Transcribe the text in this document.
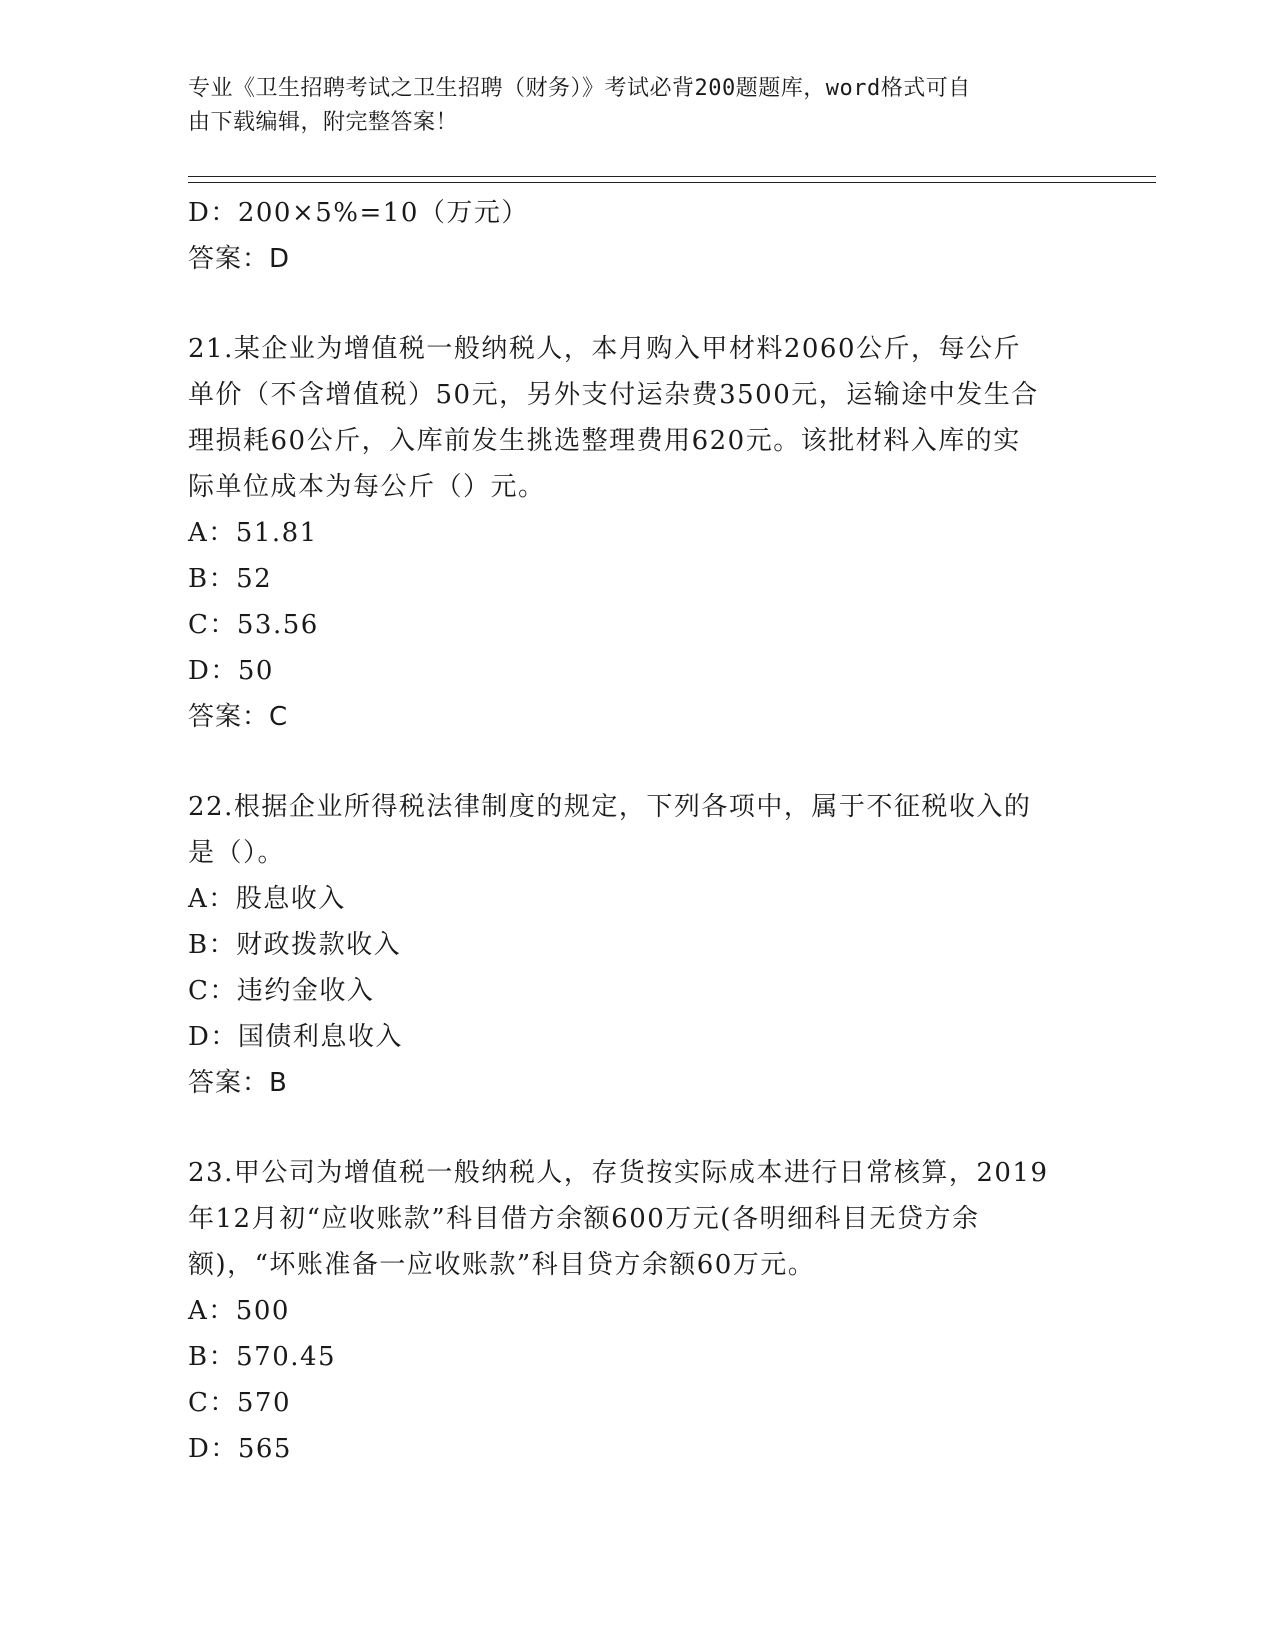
专业《卫生招聘考试之卫生招聘（财务）》考试必背200题题库，word格式可自
由下载编辑，附完整答案！
D：200×5%=10（万元）
答案：D
21.某企业为增值税一般纳税人，本月购入甲材料2060公斤，每公斤
单价（不含增值税）50元，另外支付运杂费3500元，运输途中发生合
理损耗60公斤，入库前发生挑选整理费用620元。该批材料入库的实
际单位成本为每公斤（）元。
A：51.81
B：52
C：53.56
D：50
答案：C
22.根据企业所得税法律制度的规定，下列各项中，属于不征税收入的
是（）。
A：股息收入
B：财政拨款收入
C：违约金收入
D：国债利息收入
答案：B
23.甲公司为增值税一般纳税人，存货按实际成本进行日常核算，2019
年12月初“应收账款”科目借方余额600万元(各明细科目无贷方余
额)，“坏账准备一应收账款”科目贷方余额60万元。
A：500
B：570.45
C：570
D：565
